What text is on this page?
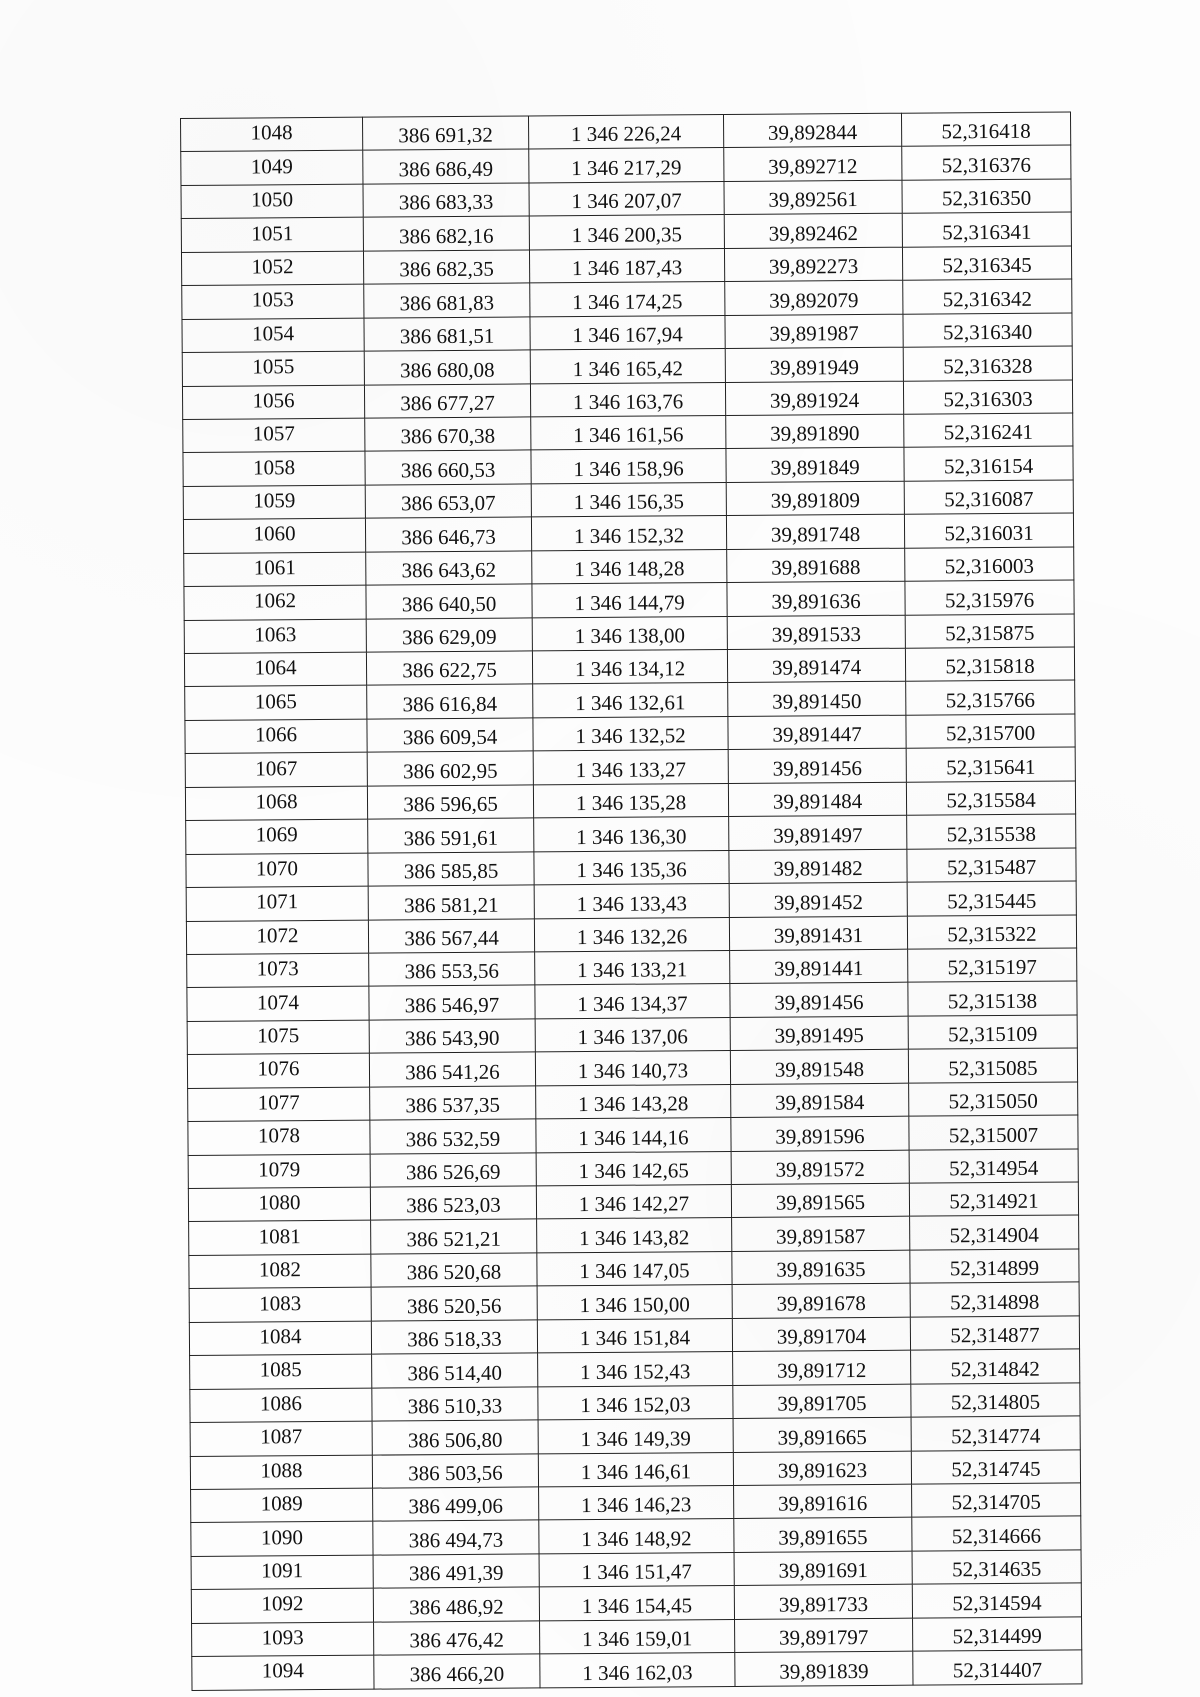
1048	386 691,32	1 346 226,24	39,892844	52,316418
1049	386 686,49	1 346 217,29	39,892712	52,316376
1050	386 683,33	1 346 207,07	39,892561	52,316350
1051	386 682,16	1 346 200,35	39,892462	52,316341
1052	386 682,35	1 346 187,43	39,892273	52,316345
1053	386 681,83	1 346 174,25	39,892079	52,316342
1054	386 681,51	1 346 167,94	39,891987	52,316340
1055	386 680,08	1 346 165,42	39,891949	52,316328
1056	386 677,27	1 346 163,76	39,891924	52,316303
1057	386 670,38	1 346 161,56	39,891890	52,316241
1058	386 660,53	1 346 158,96	39,891849	52,316154
1059	386 653,07	1 346 156,35	39,891809	52,316087
1060	386 646,73	1 346 152,32	39,891748	52,316031
1061	386 643,62	1 346 148,28	39,891688	52,316003
1062	386 640,50	1 346 144,79	39,891636	52,315976
1063	386 629,09	1 346 138,00	39,891533	52,315875
1064	386 622,75	1 346 134,12	39,891474	52,315818
1065	386 616,84	1 346 132,61	39,891450	52,315766
1066	386 609,54	1 346 132,52	39,891447	52,315700
1067	386 602,95	1 346 133,27	39,891456	52,315641
1068	386 596,65	1 346 135,28	39,891484	52,315584
1069	386 591,61	1 346 136,30	39,891497	52,315538
1070	386 585,85	1 346 135,36	39,891482	52,315487
1071	386 581,21	1 346 133,43	39,891452	52,315445
1072	386 567,44	1 346 132,26	39,891431	52,315322
1073	386 553,56	1 346 133,21	39,891441	52,315197
1074	386 546,97	1 346 134,37	39,891456	52,315138
1075	386 543,90	1 346 137,06	39,891495	52,315109
1076	386 541,26	1 346 140,73	39,891548	52,315085
1077	386 537,35	1 346 143,28	39,891584	52,315050
1078	386 532,59	1 346 144,16	39,891596	52,315007
1079	386 526,69	1 346 142,65	39,891572	52,314954
1080	386 523,03	1 346 142,27	39,891565	52,314921
1081	386 521,21	1 346 143,82	39,891587	52,314904
1082	386 520,68	1 346 147,05	39,891635	52,314899
1083	386 520,56	1 346 150,00	39,891678	52,314898
1084	386 518,33	1 346 151,84	39,891704	52,314877
1085	386 514,40	1 346 152,43	39,891712	52,314842
1086	386 510,33	1 346 152,03	39,891705	52,314805
1087	386 506,80	1 346 149,39	39,891665	52,314774
1088	386 503,56	1 346 146,61	39,891623	52,314745
1089	386 499,06	1 346 146,23	39,891616	52,314705
1090	386 494,73	1 346 148,92	39,891655	52,314666
1091	386 491,39	1 346 151,47	39,891691	52,314635
1092	386 486,92	1 346 154,45	39,891733	52,314594
1093	386 476,42	1 346 159,01	39,891797	52,314499
1094	386 466,20	1 346 162,03	39,891839	52,314407
